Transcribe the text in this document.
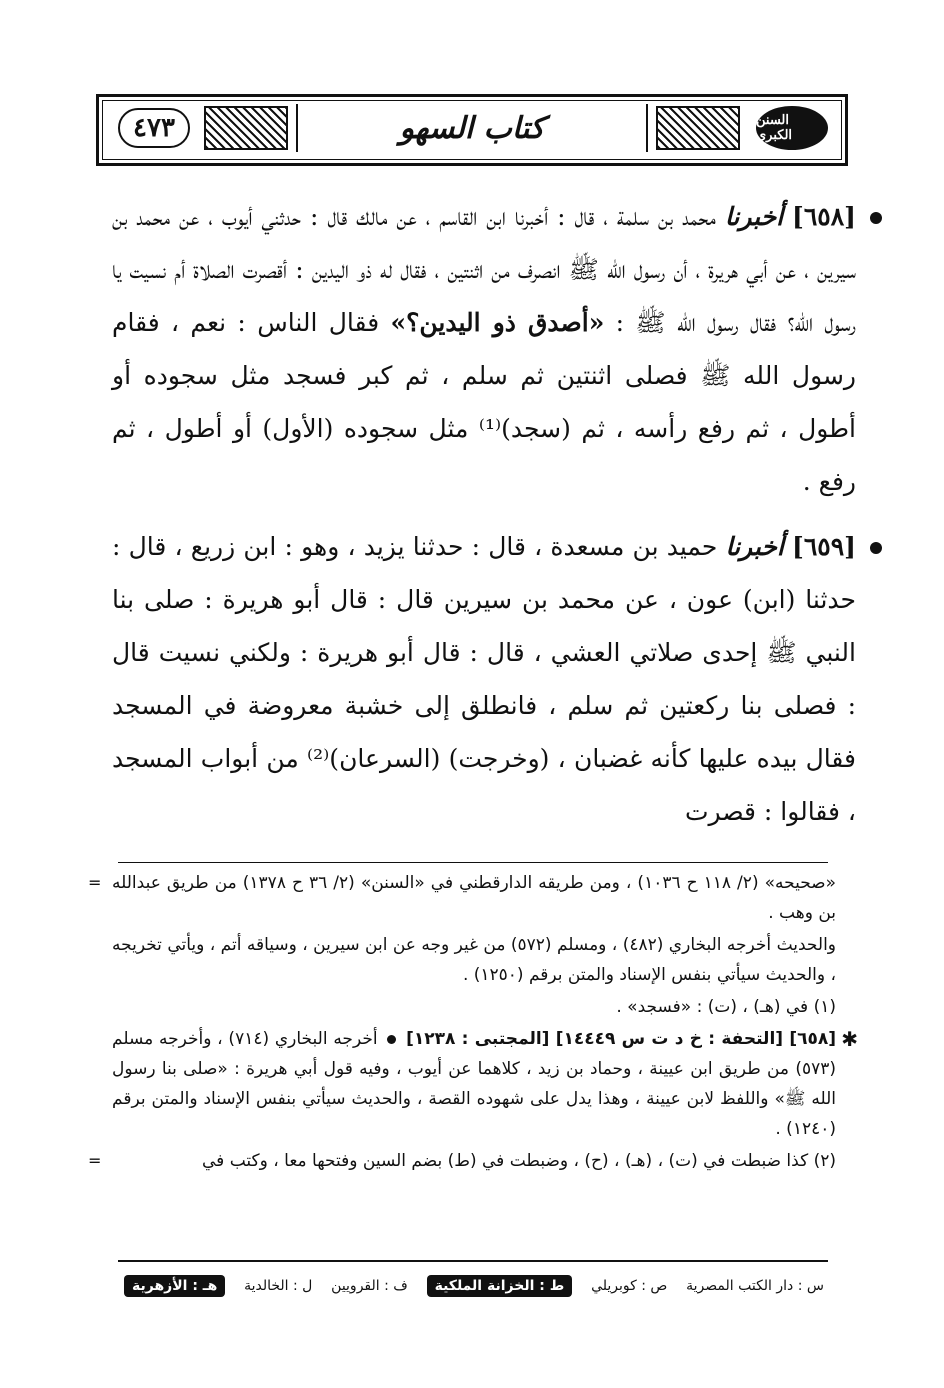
٤٧٣	كتاب السهو	السنن الكبرى

[٦٥٨] أخبرنا محمد بن سلمة ، قال : أخبرنا ابن القاسم ، عن مالك قال : حدثني أيوب ، عن محمد بن سيرين ، عن أبي هريرة ، أن رسول الله ﷺ انصرف من اثنتين ، فقال له ذو اليدين : أقصرت الصلاة أم نسيت يا رسول الله؟ فقال رسول الله ﷺ : «أصدق ذو اليدين؟» فقال الناس : نعم ، فقام رسول الله ﷺ فصلى اثنتين ثم سلم ، ثم كبر فسجد مثل سجوده أو أطول ، ثم رفع رأسه ، ثم (سجد)⁽¹⁾ مثل سجوده (الأول) أو أطول ، ثم رفع .

[٦٥٩] أخبرنا حميد بن مسعدة ، قال : حدثنا يزيد ، وهو : ابن زريع ، قال : حدثنا (ابن) عون ، عن محمد بن سيرين قال : قال أبو هريرة : صلى بنا النبي ﷺ إحدى صلاتي العشي ، قال : قال أبو هريرة : ولكني نسيت قال : فصلى بنا ركعتين ثم سلم ، فانطلق إلى خشبة معروضة في المسجد فقال بيده عليها كأنه غضبان ، (وخرجت) (السرعان)⁽²⁾ من أبواب المسجد ، فقالوا : قصرت

= «صحيحه» (٢/ ١١٨ ح ١٠٣٦) ، ومن طريقه الدارقطني في «السنن» (٢/ ٣٦ ح ١٣٧٨) من طريق عبدالله بن وهب .

والحديث أخرجه البخاري (٤٨٢) ، ومسلم (٥٧٢) من غير وجه عن ابن سيرين ، وسياقه أتم ، ويأتي تخريجه ، والحديث سيأتي بنفس الإسناد والمتن برقم (١٢٥٠) .

(١) في (هـ) ، (ت) : «فسجد» .

✱
[٦٥٨] [التحفة : خ د ت س ١٤٤٤٩] [المجتبى : ١٢٣٨]  أخرجه البخاري (٧١٤) ، وأخرجه مسلم (٥٧٣) من طريق ابن عيينة ، وحماد بن زيد ، كلاهما عن أيوب ، وفيه قول أبي هريرة : «صلى بنا رسول الله ﷺ» واللفظ لابن عيينة ، وهذا يدل على شهوده القصة ، والحديث سيأتي بنفس الإسناد والمتن برقم (١٢٤٠) .

(٢) كذا ضبطت في (ت) ، (هـ) ، (ح) ، وضبطت في (ط) بضم السين وفتحها معا ، وكتب في =

س : دار الكتب المصرية
ص : كوبريلي
ط : الخزانة الملكية
ف : القرويين
ل : الخالدية
هـ : الأزهرية
